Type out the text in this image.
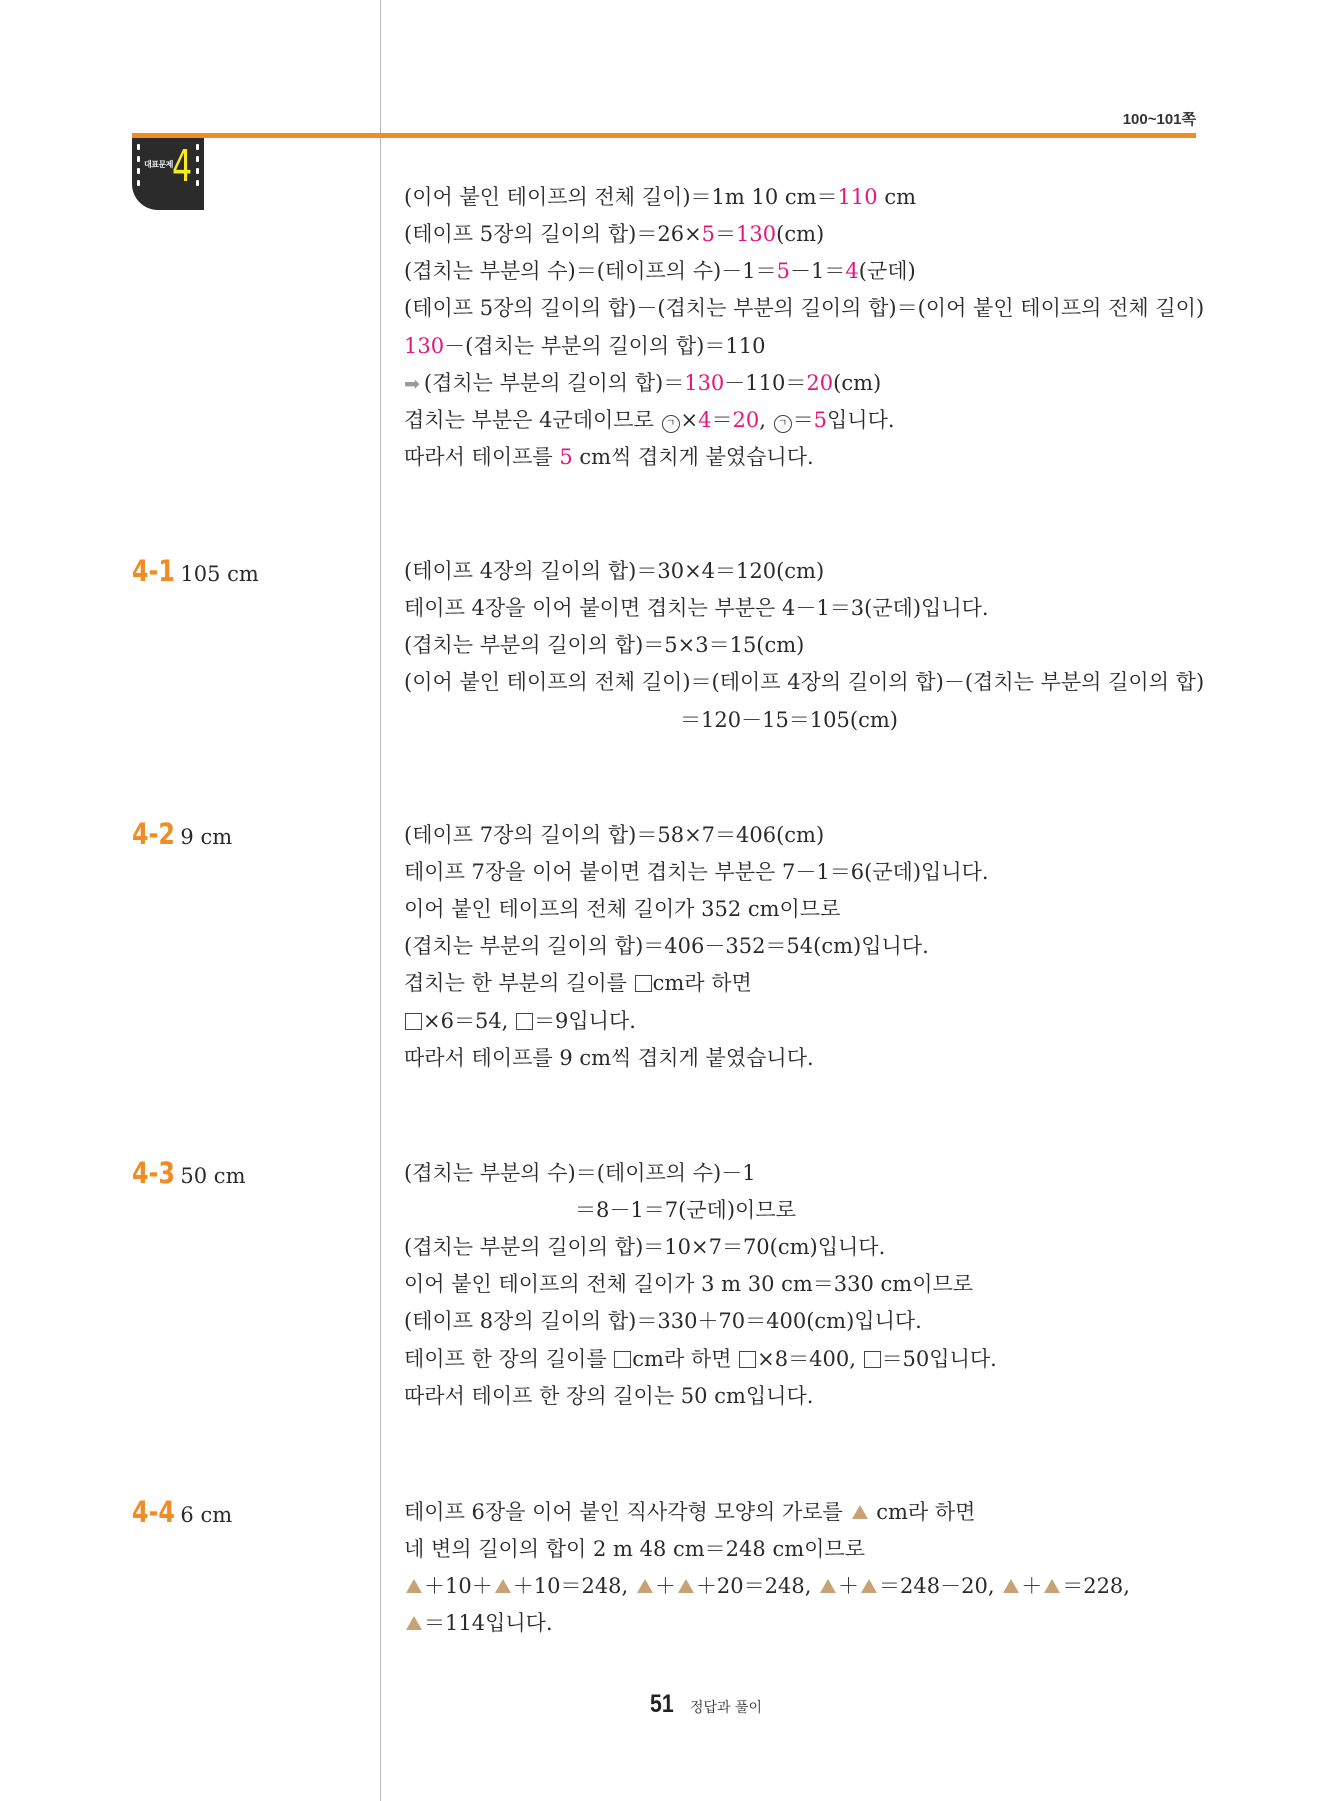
100~101쪽
대표문제 4
(이어 붙인 테이프의 전체 길이)＝1m 10 cm＝110 cm
(테이프 5장의 길이의 합)＝26×5＝130(cm)
(겹치는 부분의 수)＝(테이프의 수)－1＝5－1＝4(군데)
(테이프 5장의 길이의 합)－(겹치는 부분의 길이의 합)＝(이어 붙인 테이프의 전체 길이)
130－(겹치는 부분의 길이의 합)＝110
➡ (겹치는 부분의 길이의 합)＝130－110＝20(cm)
겹치는 부분은 4군데이므로 ㄱ ×4＝20, ㄱ ＝5입니다.
따라서 테이프를 5 cm씩 겹치게 붙였습니다.
4-1 105 cm	(테이프 4장의 길이의 합)＝30×4＝120(cm)
테이프 4장을 이어 붙이면 겹치는 부분은 4－1＝3(군데)입니다.
(겹치는 부분의 길이의 합)＝5×3＝15(cm)
(이어 붙인 테이프의 전체 길이)＝(테이프 4장의 길이의 합)－(겹치는 부분의 길이의 합)
＝120－15＝105(cm)
4-2 9 cm	(테이프 7장의 길이의 합)＝58×7＝406(cm)
테이프 7장을 이어 붙이면 겹치는 부분은 7－1＝6(군데)입니다.
이어 붙인 테이프의 전체 길이가 352 cm이므로
(겹치는 부분의 길이의 합)＝406－352＝54(cm)입니다.
겹치는 한 부분의 길이를 cm라 하면
×6＝54, ＝9입니다.
따라서 테이프를 9 cm씩 겹치게 붙였습니다.
4-3 50 cm	(겹치는 부분의 수)＝(테이프의 수)－1
＝8－1＝7(군데)이므로
(겹치는 부분의 길이의 합)＝10×7＝70(cm)입니다.
이어 붙인 테이프의 전체 길이가 3 m 30 cm＝330 cm이므로
(테이프 8장의 길이의 합)＝330＋70＝400(cm)입니다.
테이프 한 장의 길이를 cm라 하면 ×8＝400, ＝50입니다.
따라서 테이프 한 장의 길이는 50 cm입니다.
4-4 6 cm	테이프 6장을 이어 붙인 직사각형 모양의 가로를  cm라 하면
네 변의 길이의 합이 2 m 48 cm＝248 cm이므로
＋10＋ ＋10＝248, ＋ ＋20＝248, ＋ ＝248－20, ＋ ＝228,
＝114입니다.
51 정답과 풀이
